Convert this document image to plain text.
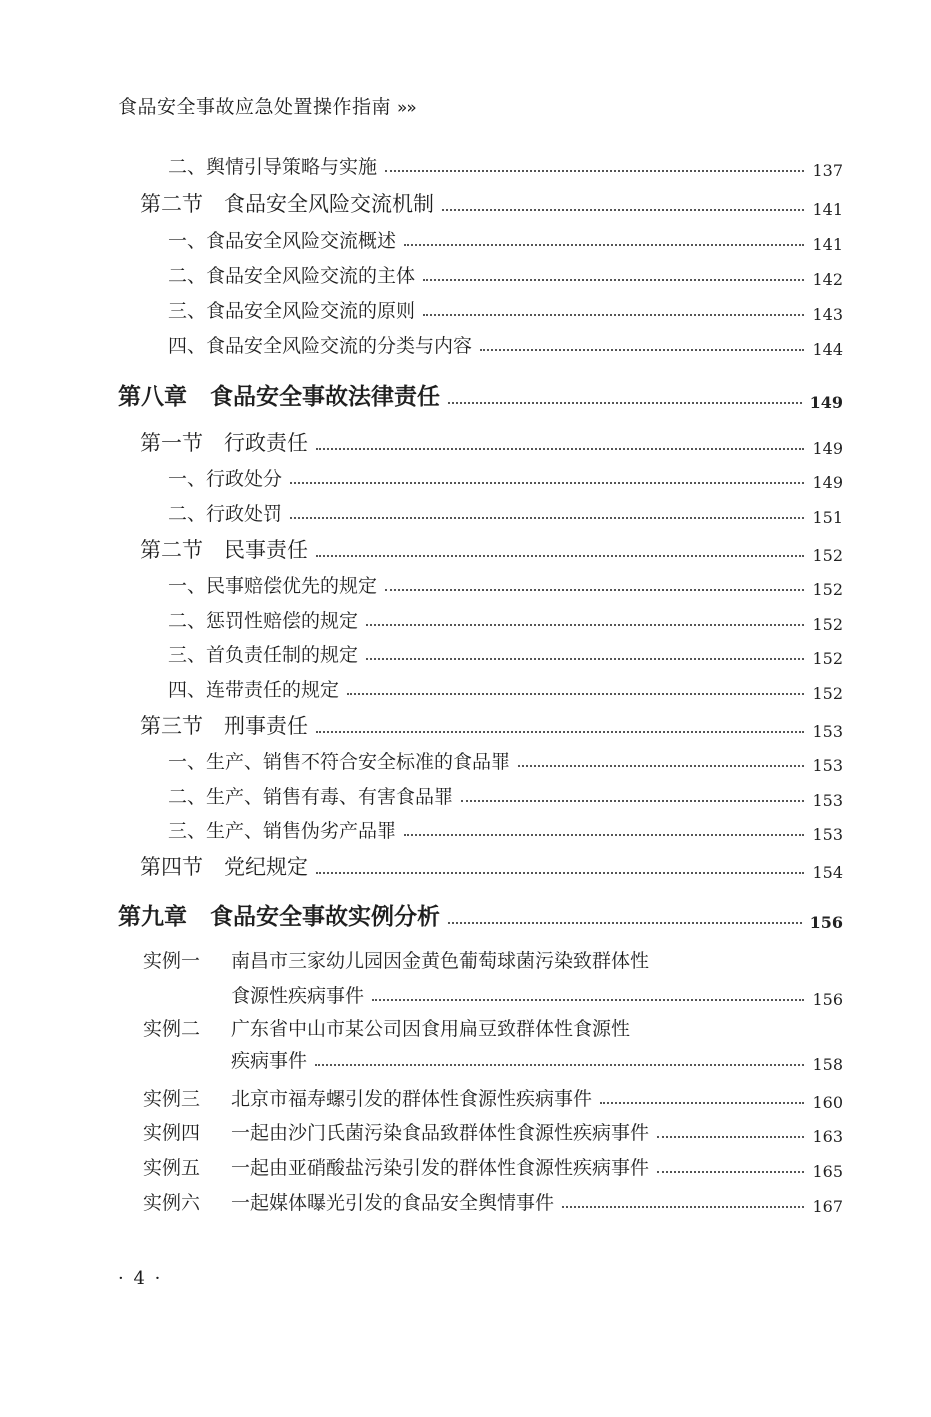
食品安全事故应急处置操作指南 »»
二、舆情引导策略与实施	137
第二节　食品安全风险交流机制	141
一、食品安全风险交流概述	141
二、食品安全风险交流的主体	142
三、食品安全风险交流的原则	143
四、食品安全风险交流的分类与内容	144
第八章　食品安全事故法律责任	149
第一节　行政责任	149
一、行政处分	149
二、行政处罚	151
第二节　民事责任	152
一、民事赔偿优先的规定	152
二、惩罚性赔偿的规定	152
三、首负责任制的规定	152
四、连带责任的规定	152
第三节　刑事责任	153
一、生产、销售不符合安全标准的食品罪	153
二、生产、销售有毒、有害食品罪	153
三、生产、销售伪劣产品罪	153
第四节　党纪规定	154
第九章　食品安全事故实例分析	156
实例一 南昌市三家幼儿园因金黄色葡萄球菌污染致群体性
食源性疾病事件	156
实例二 广东省中山市某公司因食用扁豆致群体性食源性
疾病事件	158
实例三 北京市福寿螺引发的群体性食源性疾病事件	160
实例四 一起由沙门氏菌污染食品致群体性食源性疾病事件	163
实例五 一起由亚硝酸盐污染引发的群体性食源性疾病事件	165
实例六 一起媒体曝光引发的食品安全舆情事件	167
· 4 ·
